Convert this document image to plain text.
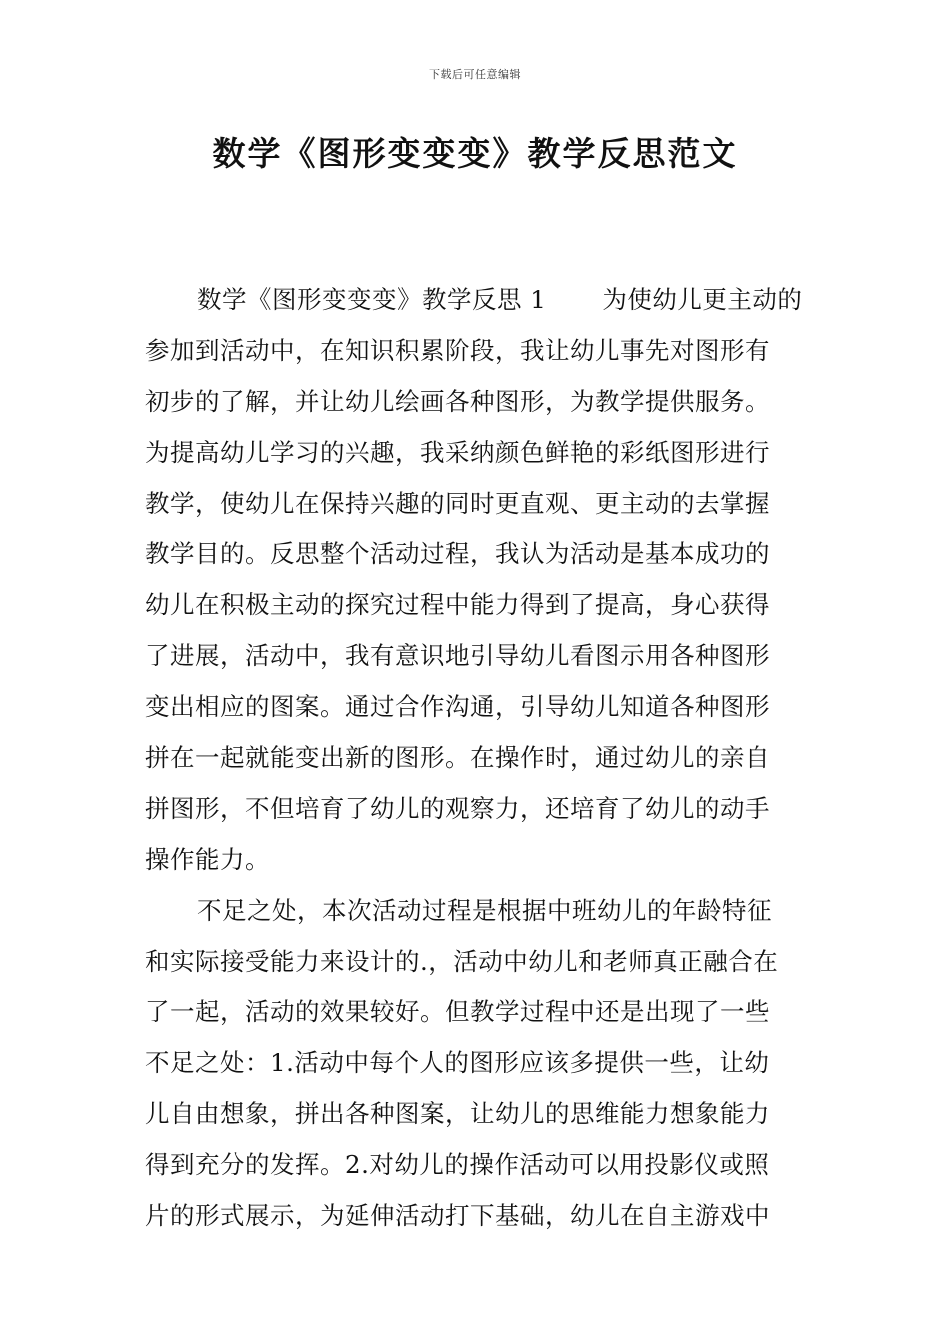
下载后可任意编辑
数学《图形变变变》教学反思范文
数学《图形变变变》教学反思 1 为使幼儿更主动的
参加到活动中，在知识积累阶段，我让幼儿事先对图形有
初步的了解，并让幼儿绘画各种图形，为教学提供服务。
为提高幼儿学习的兴趣，我采纳颜色鲜艳的彩纸图形进行
教学，使幼儿在保持兴趣的同时更直观、更主动的去掌握
教学目的。反思整个活动过程，我认为活动是基本成功的
幼儿在积极主动的探究过程中能力得到了提高，身心获得
了进展，活动中，我有意识地引导幼儿看图示用各种图形
变出相应的图案。通过合作沟通，引导幼儿知道各种图形
拼在一起就能变出新的图形。在操作时，通过幼儿的亲自
拼图形，不但培育了幼儿的观察力，还培育了幼儿的动手
操作能力。
不足之处，本次活动过程是根据中班幼儿的年龄特征
和实际接受能力来设计的.，活动中幼儿和老师真正融合在
了一起，活动的效果较好。但教学过程中还是出现了一些
不足之处：1.活动中每个人的图形应该多提供一些，让幼
儿自由想象，拼出各种图案，让幼儿的思维能力想象能力
得到充分的发挥。2.对幼儿的操作活动可以用投影仪或照
片的形式展示，为延伸活动打下基础，幼儿在自主游戏中
